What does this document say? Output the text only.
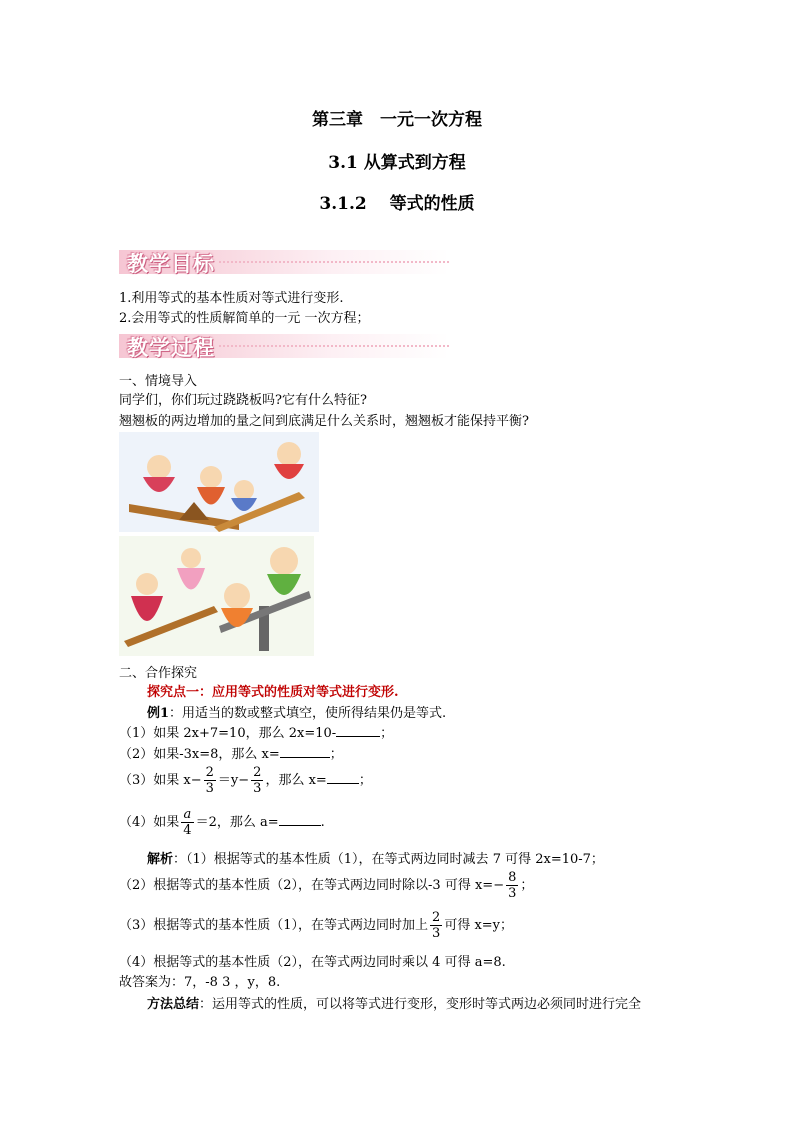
第三章　一元一次方程
3.1 从算式到方程
3.1.2　 等式的性质
教学目标
1.利用等式的基本性质对等式进行变形.
2.会用等式的性质解简单的一元 一次方程；
教学过程
一、情境导入
同学们，你们玩过跷跷板吗?它有什么特征?
翘翘板的两边增加的量之间到底满足什么关系时，翘翘板才能保持平衡?
二、合作探究
探究点一：应用等式的性质对等式进行变形.
例1：用适当的数或整式填空，使所得结果仍是等式.
（1）如果 2x+7=10，那么 2x=10-	；
（2）如果-3x=8，那么 x=	；
（3）如果 $x- \frac{2}{3} =y- \frac{2}{3}$ ，那么 x= ；
（4）如果 $\frac{a}{4} =2$，那么 a=	.
解析：（1）根据等式的基本性质（1），在等式两边同时减去 7 可得 2x=10-7；
（2）根据等式的基本性质（2），在等式两边同时除以-3 可得 $x=- \frac{8}{3}$ ；
（3）根据等式的基本性质（1），在等式两边同时加上 $\frac{2}{3}$ 可得 x=y；
（4）根据等式的基本性质（2），在等式两边同时乘以 4 可得 a=8.
故答案为：7，-8 3 ，y，8.
方法总结：运用等式的性质，可以将等式进行变形，变形时等式两边必须同时进行完全
